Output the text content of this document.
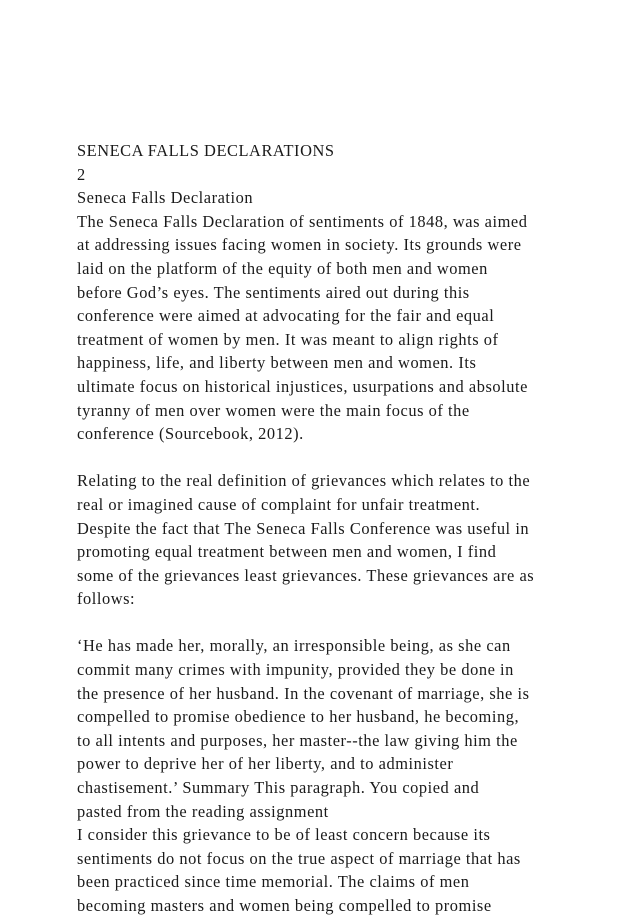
SENECA FALLS DECLARATIONS
2
Seneca Falls Declaration
The Seneca Falls Declaration of sentiments of 1848, was aimed
at addressing issues facing women in society. Its grounds were
laid on the platform of the equity of both men and women
before God’s eyes. The sentiments aired out during this
conference were aimed at advocating for the fair and equal
treatment of women by men. It was meant to align rights of
happiness, life, and liberty between men and women. Its
ultimate focus on historical injustices, usurpations and absolute
tyranny of men over women were the main focus of the
conference (Sourcebook, 2012).
Relating to the real definition of grievances which relates to the
real or imagined cause of complaint for unfair treatment.
Despite the fact that The Seneca Falls Conference was useful in
promoting equal treatment between men and women, I find
some of the grievances least grievances. These grievances are as
follows:
‘He has made her, morally, an irresponsible being, as she can
commit many crimes with impunity, provided they be done in
the presence of her husband. In the covenant of marriage, she is
compelled to promise obedience to her husband, he becoming,
to all intents and purposes, her master--the law giving him the
power to deprive her of her liberty, and to administer
chastisement.’ Summary This paragraph. You copied and
pasted from the reading assignment
I consider this grievance to be of least concern because its
sentiments do not focus on the true aspect of marriage that has
been practiced since time memorial. The claims of men
becoming masters and women being compelled to promise
